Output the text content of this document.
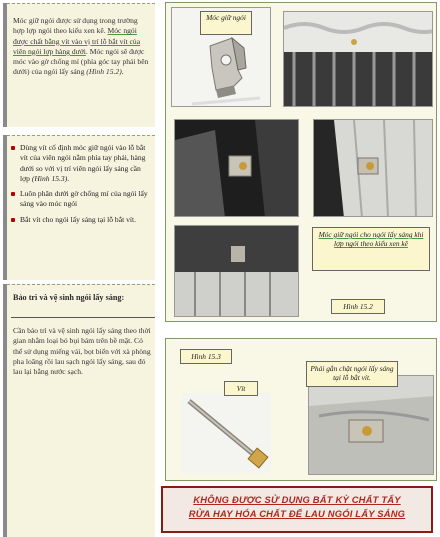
Móc giữ ngói được sử dụng trong trường hợp lợp ngói theo kiểu xen kẽ. Móc ngói được chất bằng vít vào vị trí lỗ bắt vít của viên ngói lợp hàng dưới. Móc ngói sẽ được móc vào gờ chống mí (phía góc tay phải bên dưới) của ngói lấy sáng (Hình 15.2).

Dùng vít cố định móc giữ ngói vào lỗ bắt vít của viên ngói nằm phía tay phải, hàng dưới so với vị trí viên ngói lấy sáng cần lợp (Hình 15.3).
Luôn phân dưới gờ chống mí của ngói lấy sáng vào móc ngói
Bắt vít cho ngói lấy sáng tại lỗ bắt vít.
Bảo trì và vệ sinh ngói lấy sáng:
Cần bảo trì và vệ sinh ngói lấy sáng theo thời gian nhằm loại bỏ bụi bám trên bề mặt. Có thể sử dụng miếng vải, bọt biển với xà phòng pha loãng rồi lau sạch ngói lấy sáng, sau đó lau lại bằng nước sạch.
Móc giữ ngói
Móc giữ ngói cho ngói lấy sáng khi lợp ngói theo kiểu xen kẽ
Hình 15.2
Hình 15.3
Vít
Phải gắn chặt ngói lấy sáng tại lỗ bắt vít.
KHÔNG ĐƯỢC SỬ DỤNG BẤT KỲ CHẤT TẨY
RỬA HAY HÓA CHẤT ĐỂ LAU NGÓI LẤY SÁNG
